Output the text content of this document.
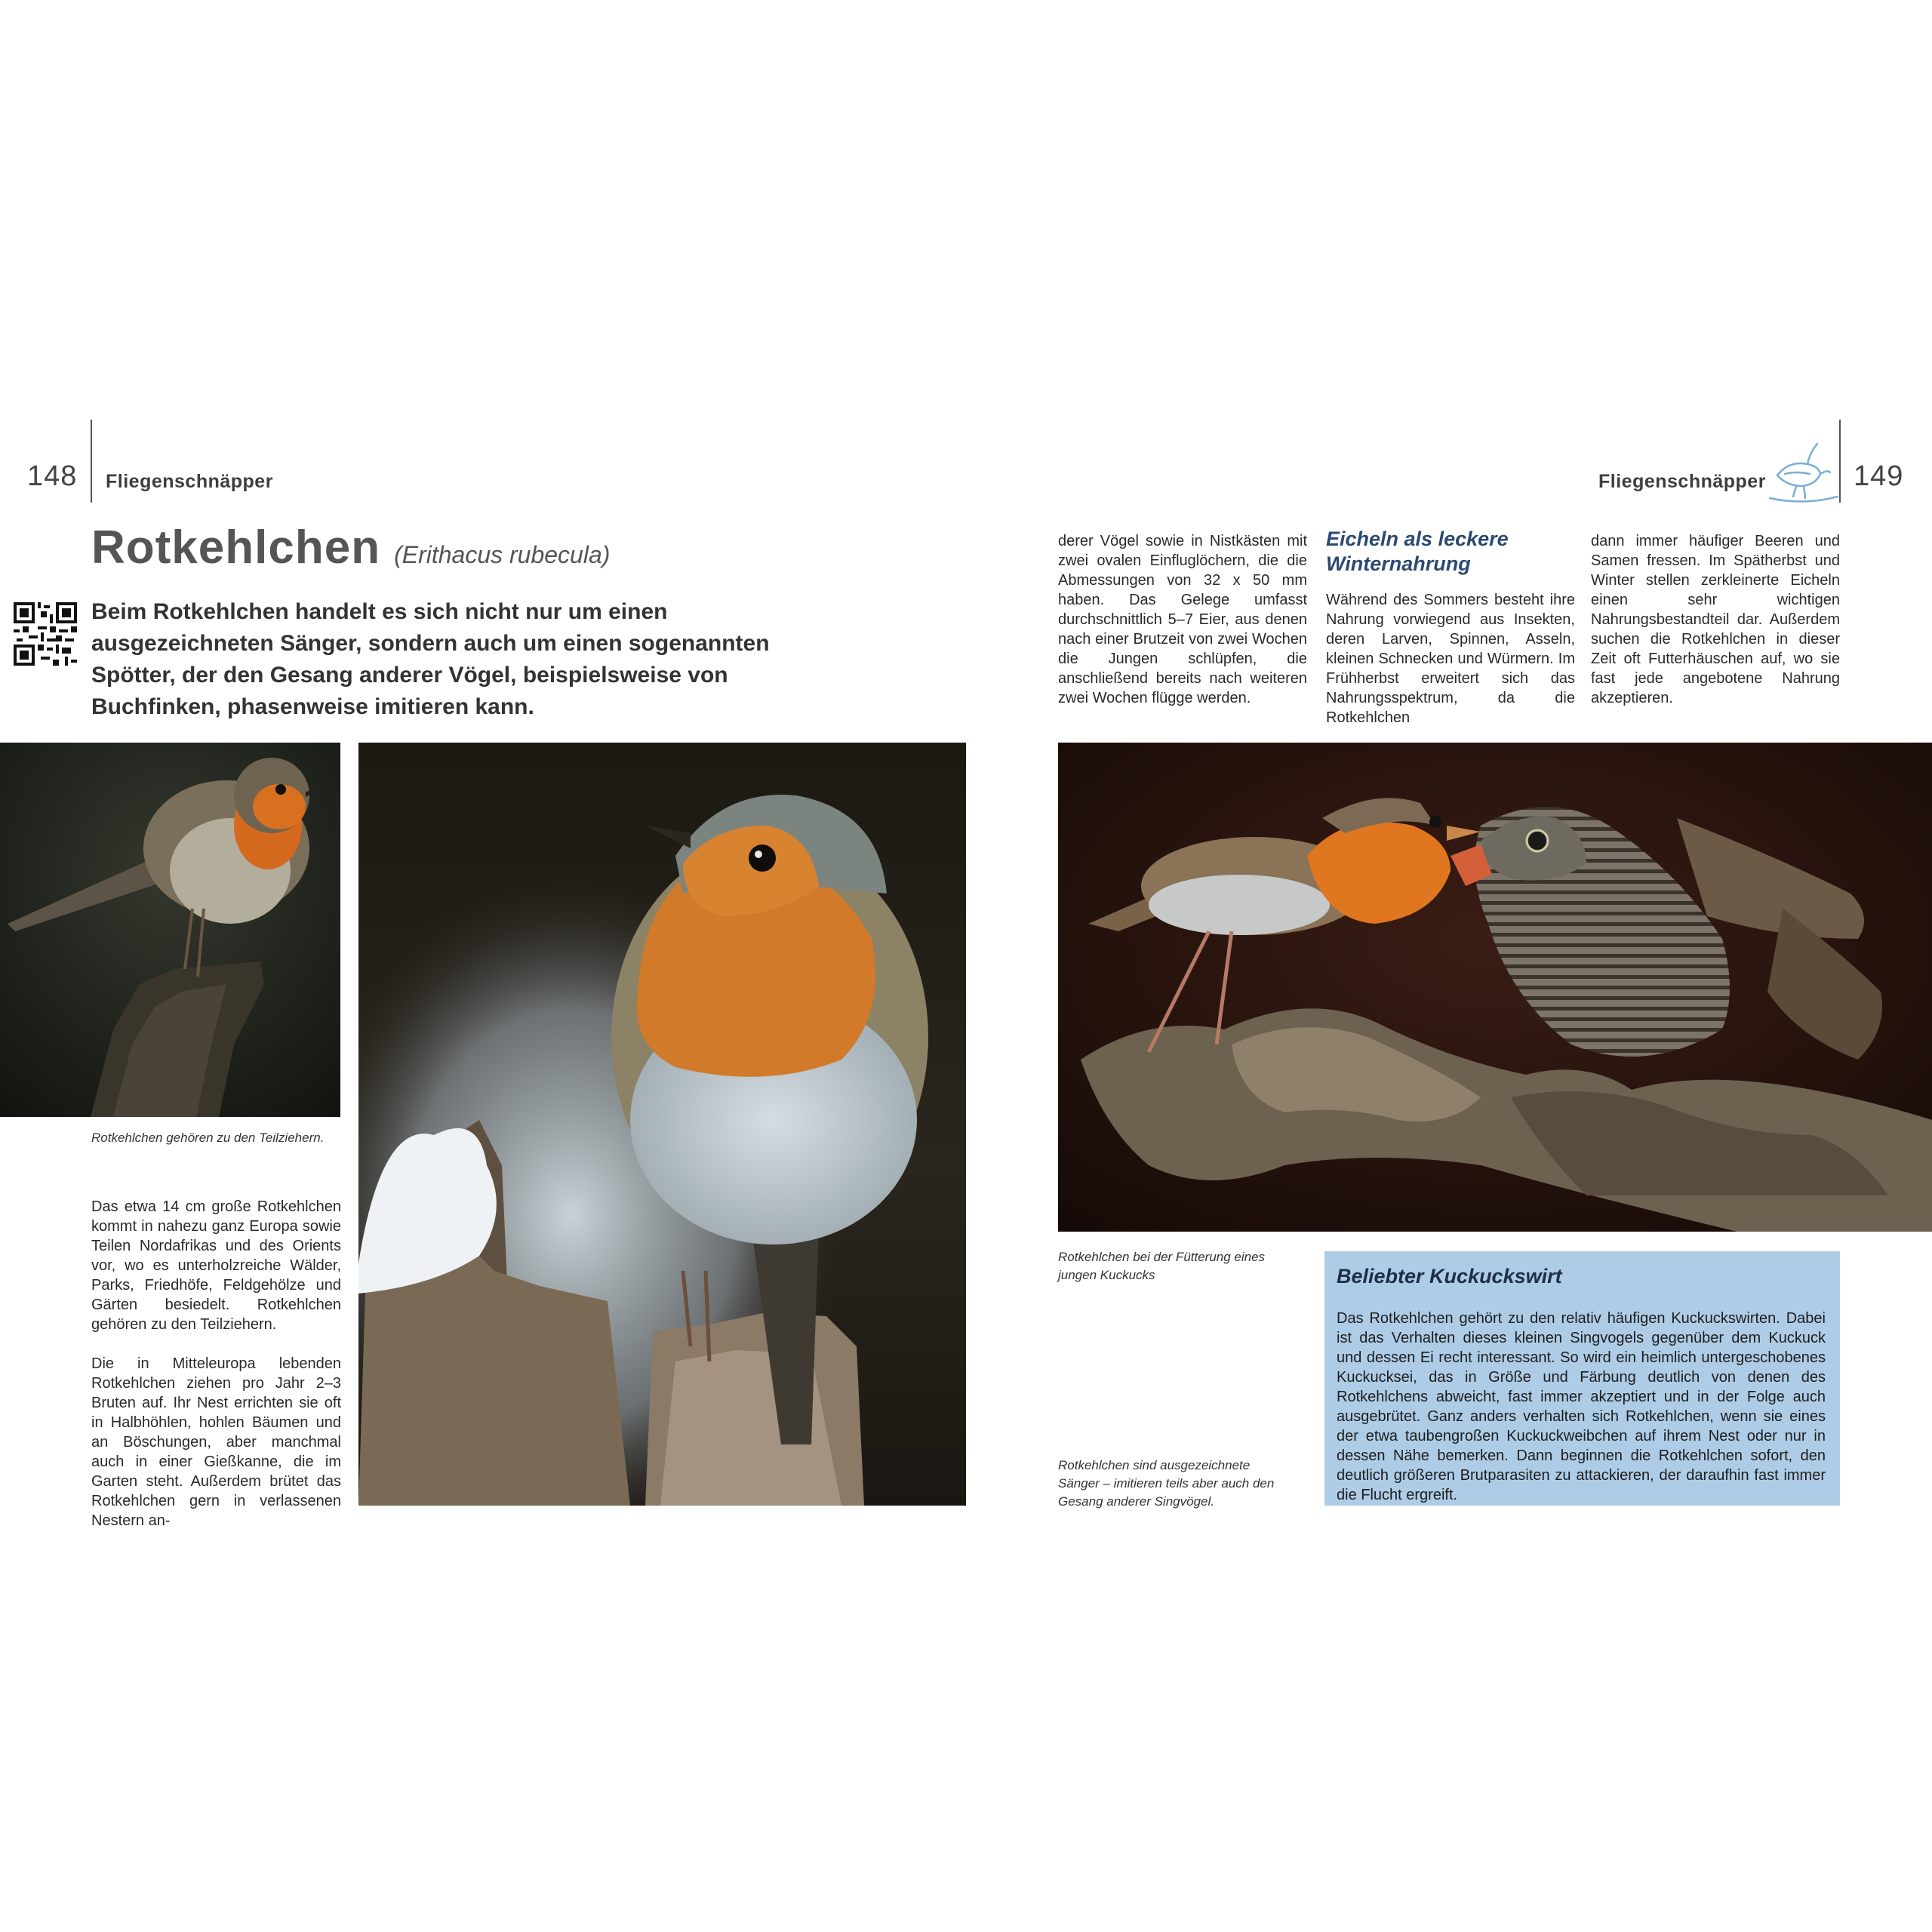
148 Fliegenschnäpper
Rotkehlchen (Erithacus rubecula)
Beim Rotkehlchen handelt es sich nicht nur um einen ausgezeichneten Sänger, sondern auch um einen sogenannten Spötter, der den Gesang anderer Vögel, beispielsweise von Buchfinken, phasenweise imitieren kann.
Rotkehlchen gehören zu den Teilziehern.
Das etwa 14 cm große Rotkehlchen kommt in nahezu ganz Europa sowie Teilen Nordafrikas und des Orients vor, wo es unterholzreiche Wälder, Parks, Friedhöfe, Feldgehölze und Gärten besiedelt. Rotkehlchen gehören zu den Teilziehern.
Die in Mitteleuropa lebenden Rotkehlchen ziehen pro Jahr 2–3 Bruten auf. Ihr Nest errichten sie oft in Halbhöhlen, hohlen Bäumen und an Böschungen, aber manchmal auch in einer Gießkanne, die im Garten steht. Außerdem brütet das Rotkehlchen gern in verlassenen Nestern an-
Fliegenschnäpper	149
derer Vögel sowie in Nistkästen mit zwei ovalen Einfluglöchern, die die Abmessungen von 32 x 50 mm haben. Das Gelege umfasst durchschnittlich 5–7 Eier, aus denen nach einer Brutzeit von zwei Wochen die Jungen schlüpfen, die anschließend bereits nach weiteren zwei Wochen flügge werden.
Eicheln als leckere Winternahrung
Während des Sommers besteht ihre Nahrung vorwiegend aus Insekten, deren Larven, Spinnen, Asseln, kleinen Schnecken und Würmern. Im Frühherbst erweitert sich das Nahrungsspektrum, da die Rotkehlchen
dann immer häufiger Beeren und Samen fressen. Im Spätherbst und Winter stellen zerkleinerte Eicheln einen sehr wichtigen Nahrungsbestandteil dar. Außerdem suchen die Rotkehlchen in dieser Zeit oft Futterhäuschen auf, wo sie fast jede angebotene Nahrung akzeptieren.
Rotkehlchen bei der Fütterung eines jungen Kuckucks
Rotkehlchen sind ausgezeichnete Sänger – imitieren teils aber auch den Gesang anderer Singvögel.
Beliebter Kuckuckswirt
Das Rotkehlchen gehört zu den relativ häufigen Kuckuckswirten. Dabei ist das Verhalten dieses kleinen Singvogels gegenüber dem Kuckuck und dessen Ei recht interessant. So wird ein heimlich untergeschobenes Kuckucksei, das in Größe und Färbung deutlich von denen des Rotkehlchens abweicht, fast immer akzeptiert und in der Folge auch ausgebrütet. Ganz anders verhalten sich Rotkehlchen, wenn sie eines der etwa taubengroßen Kuckuckweibchen auf ihrem Nest oder nur in dessen Nähe bemerken. Dann beginnen die Rotkehlchen sofort, den deutlich größeren Brutparasiten zu attackieren, der daraufhin fast immer die Flucht ergreift.
